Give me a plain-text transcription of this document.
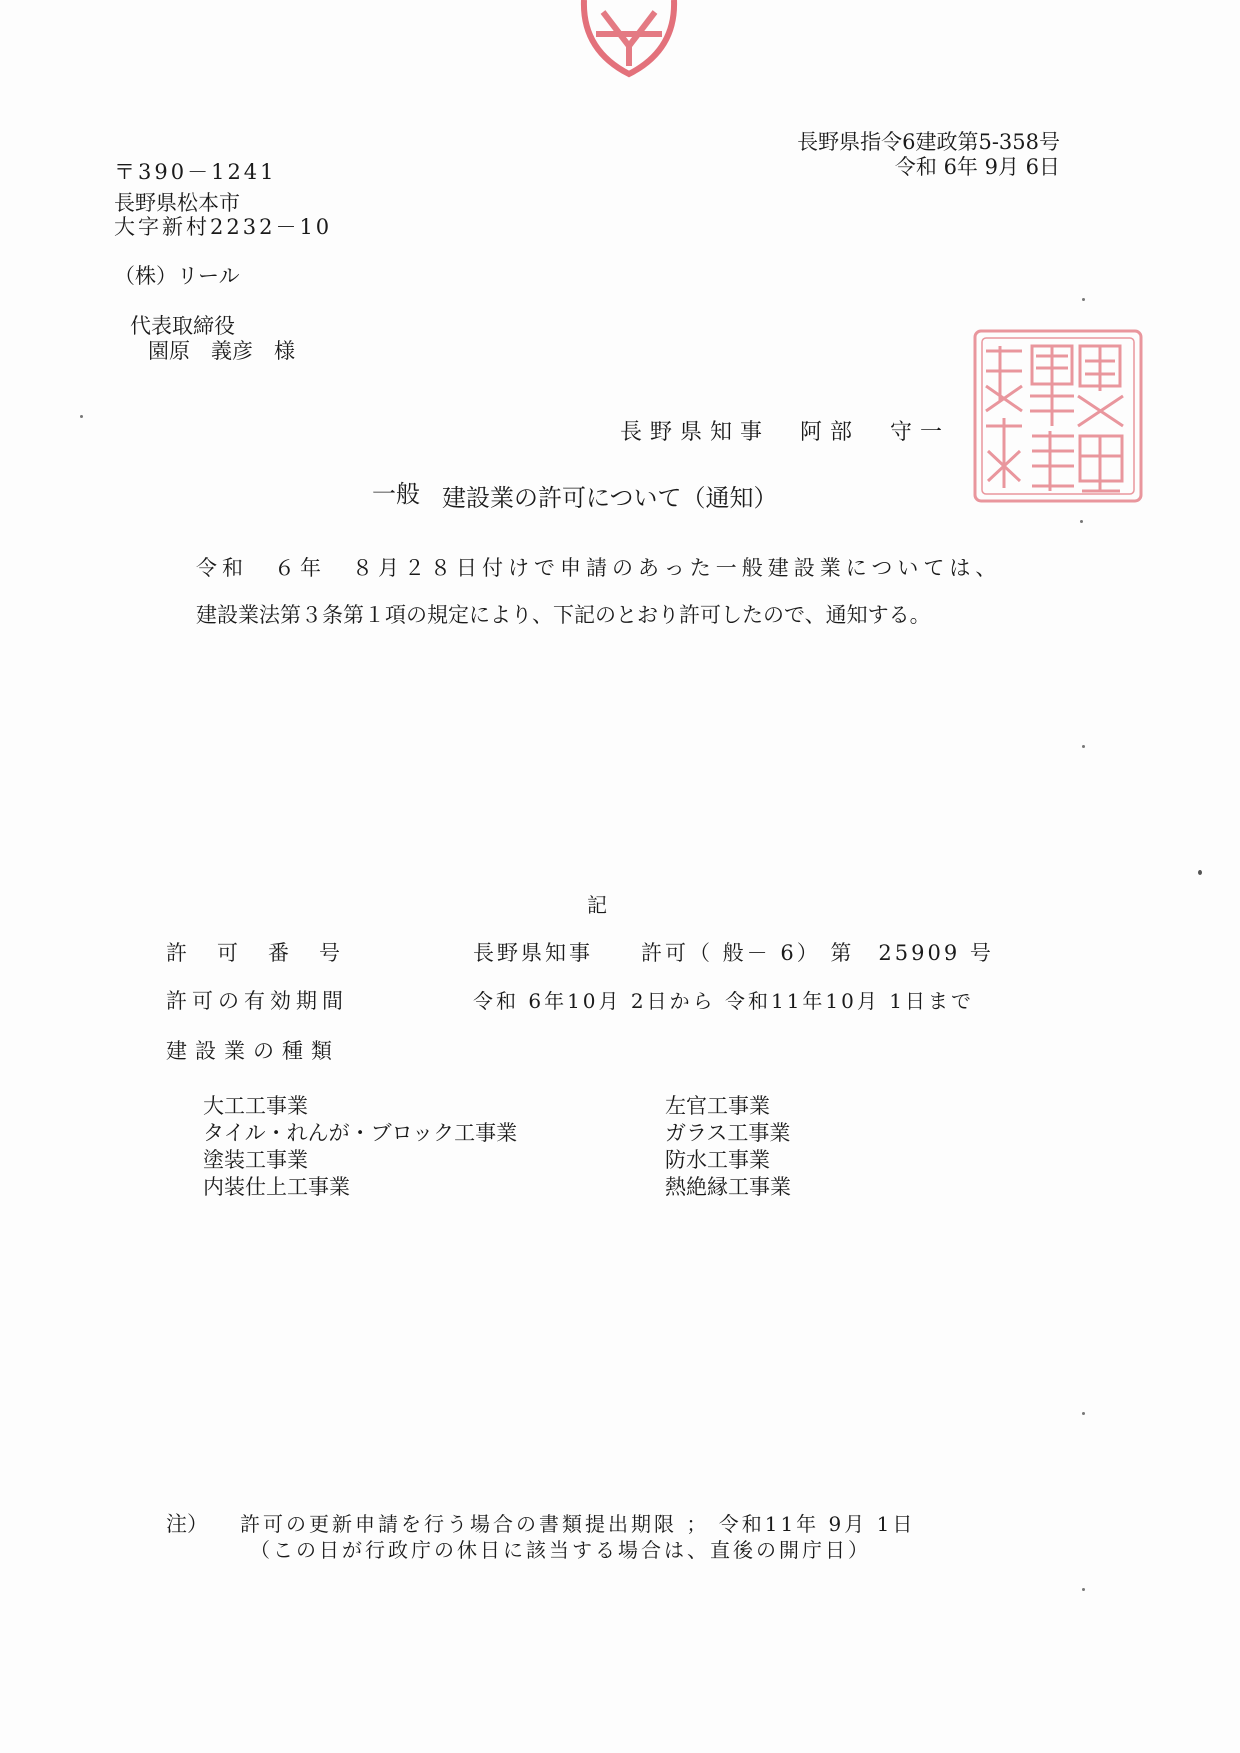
長野県指令6建政第5-358号
令和 6年 9月 6日
〒390－1241
長野県松本市
大字新村2232－10
（株）リール
代表取締役
園原　義彦　様
長野県知事　阿部　守一
一般 建設業の許可について（通知）
令和　６年　８月２８日付けで申請のあった一般建設業については、
建設業法第３条第１項の規定により、下記のとおり許可したので、通知する。
記
許可番号	長野県知事　　許可（ 般－ 6） 第　25909 号
許可の有効期間	令和 6年10月 2日から 令和11年10月 1日まで
建設業の種類
大工工事業
タイル・れんが・ブロック工事業
塗装工事業
内装仕上工事業
左官工事業
ガラス工事業
防水工事業
熱絶縁工事業
注） 許可の更新申請を行う場合の書類提出期限 ； 令和11年 9月 1日
（この日が行政庁の休日に該当する場合は、直後の開庁日）
